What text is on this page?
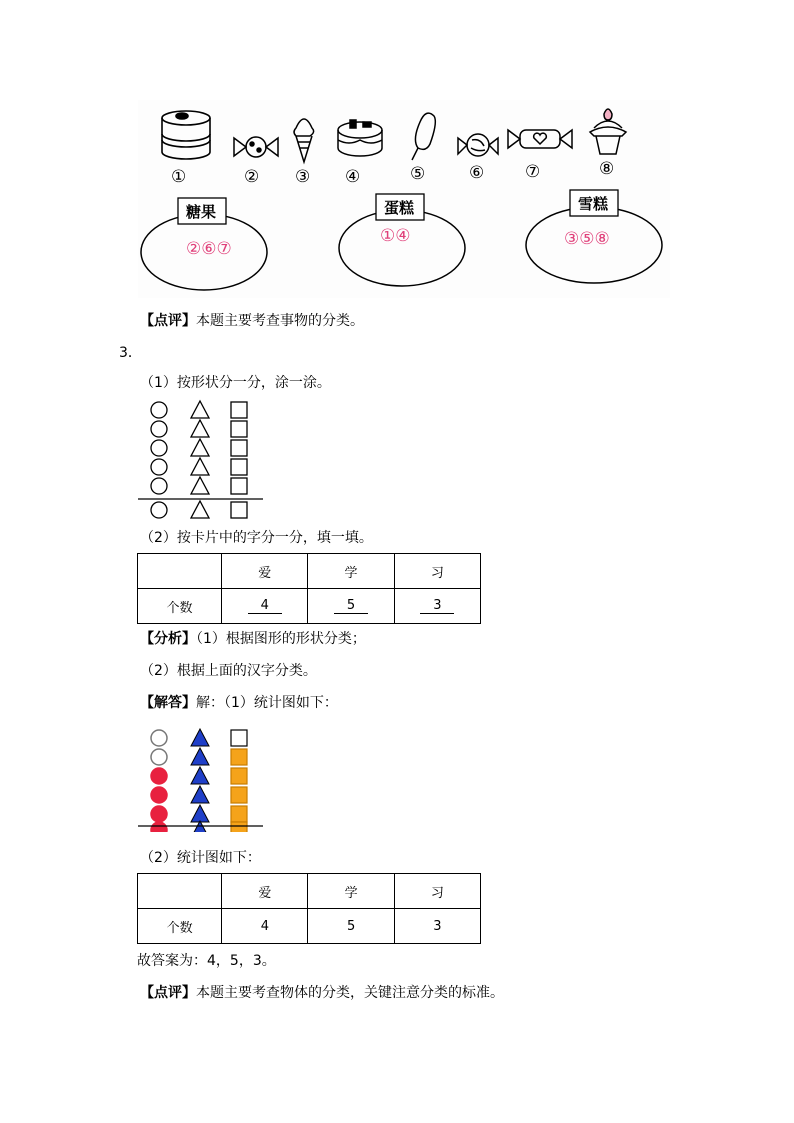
①	② ③ ④	⑤	⑥ ⑦	⑧
糖果	蛋糕	雪糕
②⑥⑦
①④	③⑤⑧
【点评】本题主要考查事物的分类。
3．
（1）按形状分一分，涂一涂。
（2）按卡片中的字分一分，填一填。
	爱	学	习
个数	4	5	3
【分析】（1）根据图形的形状分类；
（2）根据上面的汉字分类。
【解答】解：（1）统计图如下：
（2）统计图如下：
	爱	学	习
个数	4	5	3
故答案为：4，5，3。
【点评】本题主要考查物体的分类，关键注意分类的标准。
